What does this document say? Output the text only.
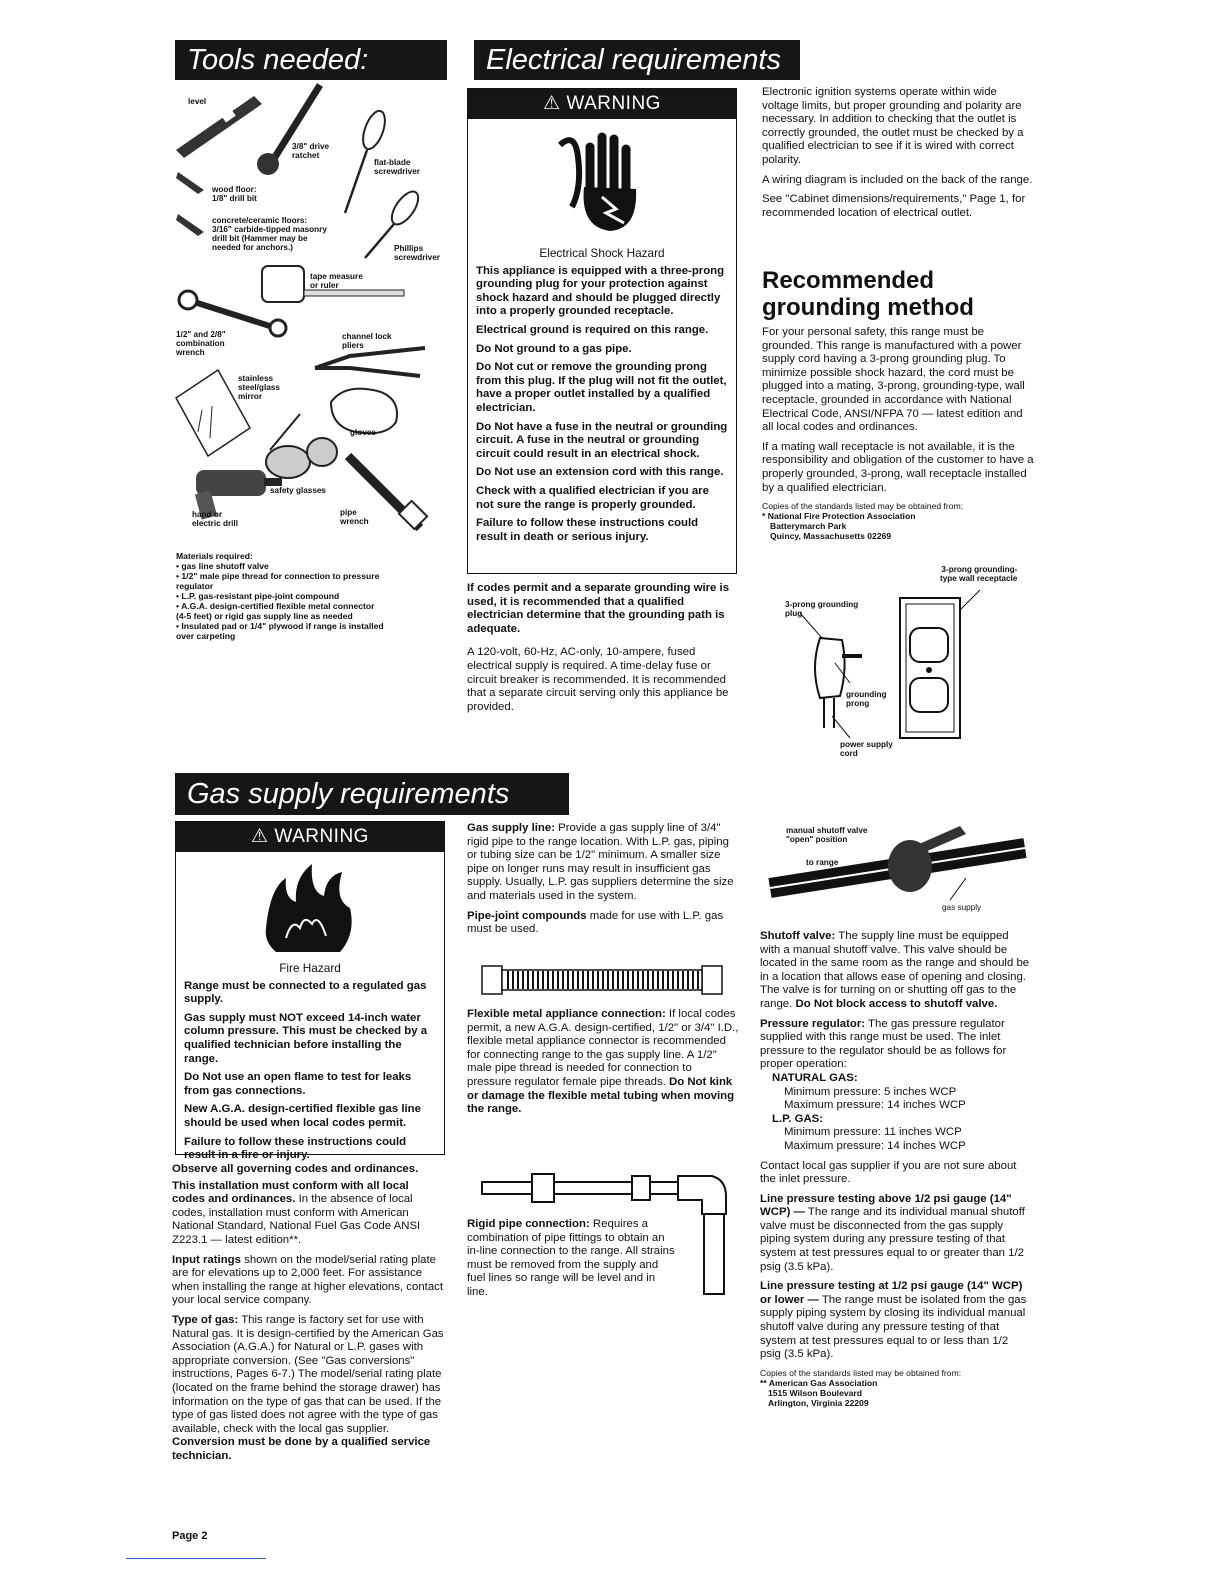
Tools needed:
level
3/8" drive
ratchet
flat-blade
screwdriver
wood floor:
1/8" drill bit
concrete/ceramic floors:
3/16" carbide-tipped masonry
drill bit (Hammer may be
needed for anchors.)	Phillips
screwdriver
tape measure
or ruler
1/2" and 2/8"
combination
wrench
channel lock
pliers
stainless
steel/glass
mirror
gloves
safety glasses
hand or
electric drill
pipe
wrench
Materials required:
• gas line shutoff valve
• 1/2" male pipe thread for connection to pressure
regulator
• L.P. gas-resistant pipe-joint compound
• A.G.A. design-certified flexible metal connector
(4-5 feet) or rigid gas supply line as needed
• Insulated pad or 1/4" plywood if range is installed
over carpeting
Electrical requirements
⚠ WARNING
Electrical Shock Hazard

This appliance is equipped with a three-prong grounding plug for your protection against shock hazard and should be plugged directly into a properly grounded receptacle.

Electrical ground is required on this range.

Do Not ground to a gas pipe.

Do Not cut or remove the grounding prong from this plug. If the plug will not fit the outlet, have a proper outlet installed by a qualified electrician.

Do Not have a fuse in the neutral or grounding circuit. A fuse in the neutral or grounding circuit could result in an electrical shock.

Do Not use an extension cord with this range.

Check with a qualified electrician if you are not sure the range is properly grounded.

Failure to follow these instructions could result in death or serious injury.

If codes permit and a separate grounding wire is used, it is recommended that a qualified electrician determine that the grounding path is adequate.

A 120-volt, 60-Hz, AC-only, 10-ampere, fused electrical supply is required. A time-delay fuse or circuit breaker is recommended. It is recommended that a separate circuit serving only this appliance be provided.

Electronic ignition systems operate within wide voltage limits, but proper grounding and polarity are necessary. In addition to checking that the outlet is correctly grounded, the outlet must be checked by a qualified electrician to see if it is wired with correct polarity.

A wiring diagram is included on the back of the range.

See "Cabinet dimensions/requirements," Page 1, for recommended location of electrical outlet.

Recommended
grounding method

For your personal safety, this range must be grounded. This range is manufactured with a power supply cord having a 3-prong grounding plug. To minimize possible shock hazard, the cord must be plugged into a mating, 3-prong, grounding-type, wall receptacle, grounded in accordance with National Electrical Code, ANSI/NFPA 70 — latest edition and all local codes and ordinances.

If a mating wall receptacle is not available, it is the responsibility and obligation of the customer to have a properly grounded, 3-prong, wall receptacle installed by a qualified electrician.

Copies of the standards listed may be obtained from:
* National Fire Protection Association
Batterymarch Park
Quincy, Massachusetts 02269
3-prong grounding-
type wall receptacle
3-prong grounding
plug
grounding
prong
power supply
cord
Gas supply requirements
⚠ WARNING
Fire Hazard

Range must be connected to a regulated gas supply.

Gas supply must NOT exceed 14-inch water column pressure. This must be checked by a qualified technician before installing the range.

Do Not use an open flame to test for leaks from gas connections.

New A.G.A. design-certified flexible gas line should be used when local codes permit.

Failure to follow these instructions could result in a fire or injury.

Observe all governing codes and ordinances.

This installation must conform with all local codes and ordinances. In the absence of local codes, installation must conform with American National Standard, National Fuel Gas Code ANSI Z223.1 — latest edition**.

Input ratings shown on the model/serial rating plate are for elevations up to 2,000 feet. For assistance when installing the range at higher elevations, contact your local service company.

Type of gas: This range is factory set for use with Natural gas. It is design-certified by the American Gas Association (A.G.A.) for Natural or L.P. gases with appropriate conversion. (See "Gas conversions" instructions, Pages 6-7.) The model/serial rating plate (located on the frame behind the storage drawer) has information on the type of gas that can be used. If the type of gas listed does not agree with the type of gas available, check with the local gas supplier.

Conversion must be done by a qualified service technician.

Gas supply line: Provide a gas supply line of 3/4" rigid pipe to the range location. With L.P. gas, piping or tubing size can be 1/2" minimum. A smaller size pipe on longer runs may result in insufficient gas supply. Usually, L.P. gas suppliers determine the size and materials used in the system.

Pipe-joint compounds made for use with L.P. gas must be used.

Flexible metal appliance connection: If local codes permit, a new A.G.A. design-certified, 1/2" or 3/4" I.D., flexible metal appliance connector is recommended for connecting range to the gas supply line. A 1/2" male pipe thread is needed for connection to pressure regulator female pipe threads. Do Not kink or damage the flexible metal tubing when moving the range.

Rigid pipe connection: Requires a combination of pipe fittings to obtain an in-line connection to the range. All strains must be removed from the supply and fuel lines so range will be level and in line.

manual shutoff valve
"open" position
to range
gas supply

Shutoff valve: The supply line must be equipped with a manual shutoff valve. This valve should be located in the same room as the range and should be in a location that allows ease of opening and closing. The valve is for turning on or shutting off gas to the range. Do Not block access to shutoff valve.

Pressure regulator: The gas pressure regulator supplied with this range must be used. The inlet pressure to the regulator should be as follows for proper operation:

NATURAL GAS:
Minimum pressure: 5 inches WCP
Maximum pressure: 14 inches WCP
L.P. GAS:
Minimum pressure: 11 inches WCP
Maximum pressure: 14 inches WCP

Contact local gas supplier if you are not sure about the inlet pressure.

Line pressure testing above 1/2 psi gauge (14" WCP) — The range and its individual manual shutoff valve must be disconnected from the gas supply piping system during any pressure testing of that system at test pressures equal to or greater than 1/2 psig (3.5 kPa).

Line pressure testing at 1/2 psi gauge (14" WCP) or lower — The range must be isolated from the gas supply piping system by closing its individual manual shutoff valve during any pressure testing of that system at test pressures equal to or less than 1/2 psig (3.5 kPa).

Copies of the standards listed may be obtained from:
** American Gas Association
1515 Wilson Boulevard
Arlington, Virginia 22209
Page 2
